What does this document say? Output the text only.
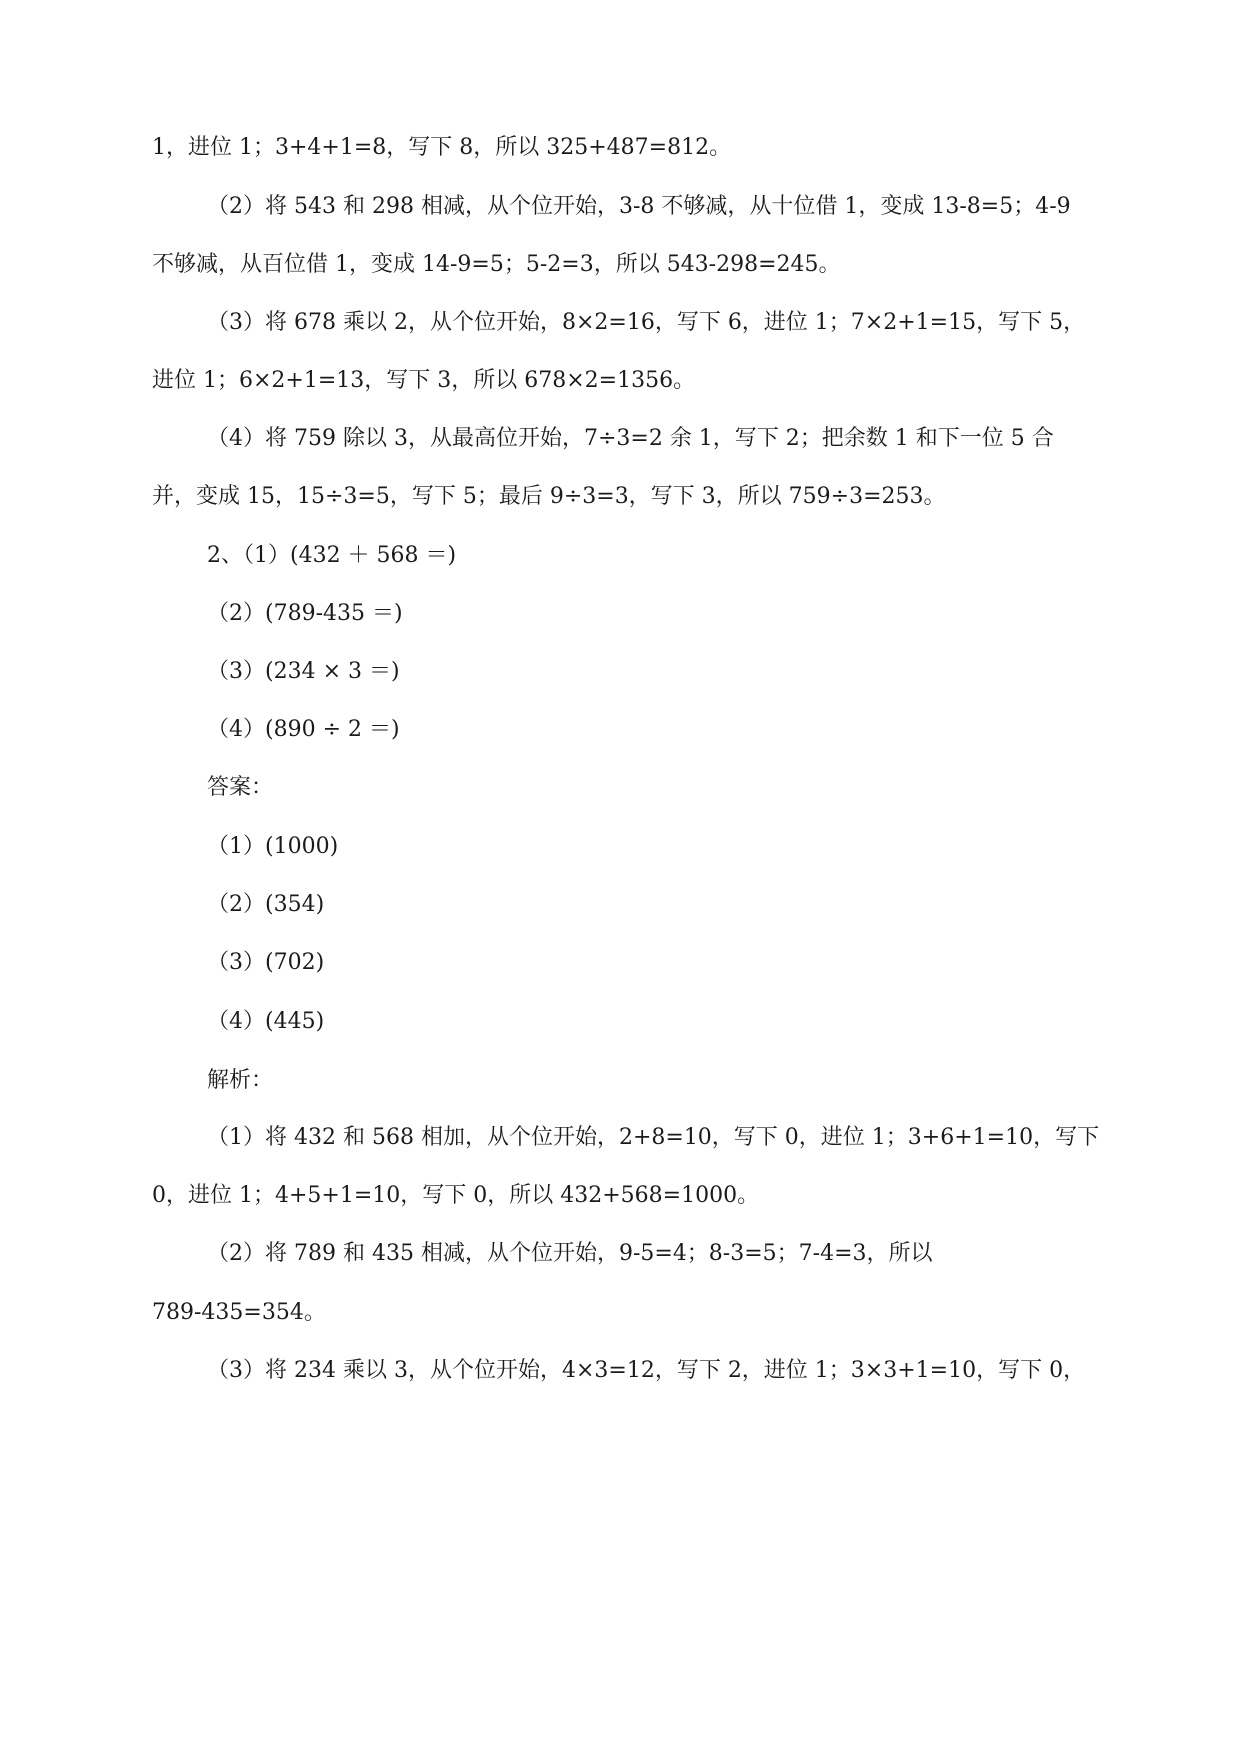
1，进位 1；3+4+1=8，写下 8，所以 325+487=812。
（2）将 543 和 298 相减，从个位开始，3-8 不够减，从十位借 1，变成 13-8=5；4-9
不够减，从百位借 1，变成 14-9=5；5-2=3，所以 543-298=245。
（3）将 678 乘以 2，从个位开始，8×2=16，写下 6，进位 1；7×2+1=15，写下 5，
进位 1；6×2+1=13，写下 3，所以 678×2=1356。
（4）将 759 除以 3，从最高位开始，7÷3=2 余 1，写下 2；把余数 1 和下一位 5 合
并，变成 15，15÷3=5，写下 5；最后 9÷3=3，写下 3，所以 759÷3=253。
2、（1）(432 ＋ 568 ＝)
（2）(789-435 ＝)
（3）(234 × 3 ＝)
（4）(890 ÷ 2 ＝)
答案：
（1）(1000)
（2）(354)
（3）(702)
（4）(445)
解析：
（1）将 432 和 568 相加，从个位开始，2+8=10，写下 0，进位 1；3+6+1=10，写下
0，进位 1；4+5+1=10，写下 0，所以 432+568=1000。
（2）将 789 和 435 相减，从个位开始，9-5=4；8-3=5；7-4=3，所以
789-435=354。
（3）将 234 乘以 3，从个位开始，4×3=12，写下 2，进位 1；3×3+1=10，写下 0，
